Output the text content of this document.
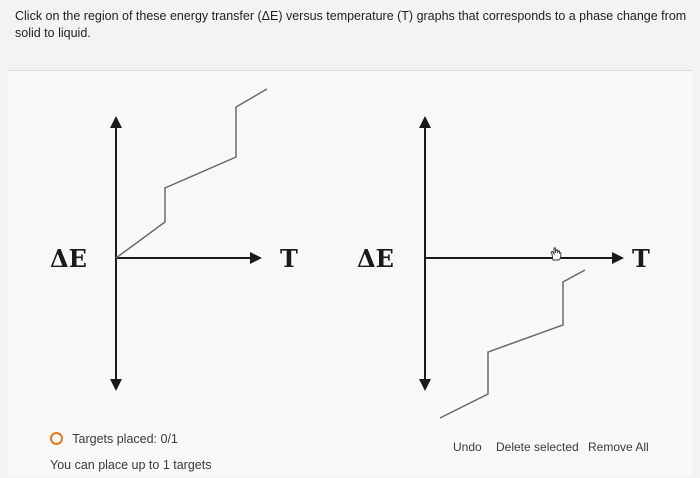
Click on the region of these energy transfer (ΔE) versus temperature (T) graphs that corresponds to a phase change from solid to liquid.
ΔE	T ΔE	T
Targets placed: 0/1
You can place up to 1 targets
Undo Delete selected Remove All
